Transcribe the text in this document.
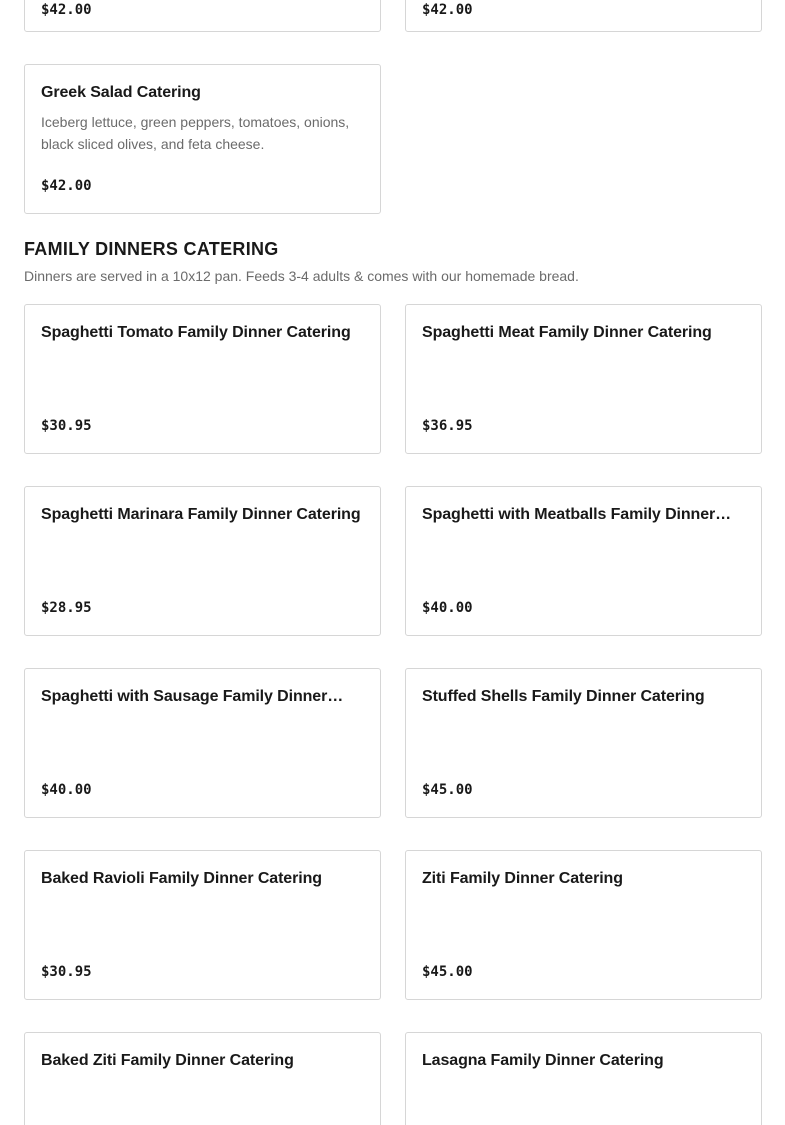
$42.00	$42.00
Greek Salad Catering
Iceberg lettuce, green peppers, tomatoes, onions, black sliced olives, and feta cheese.
$42.00
FAMILY DINNERS CATERING

Dinners are served in a 10x12 pan. Feeds 3-4 adults & comes with our homemade bread.

Spaghetti Tomato Family Dinner Catering
$30.95
Spaghetti Meat Family Dinner Catering
$36.95
Spaghetti Marinara Family Dinner Catering
$28.95
Spaghetti with Meatballs Family Dinner…
$40.00
Spaghetti with Sausage Family Dinner…
$40.00
Stuffed Shells Family Dinner Catering
$45.00
Baked Ravioli Family Dinner Catering
$30.95
Ziti Family Dinner Catering
$45.00
Baked Ziti Family Dinner Catering	Lasagna Family Dinner Catering
